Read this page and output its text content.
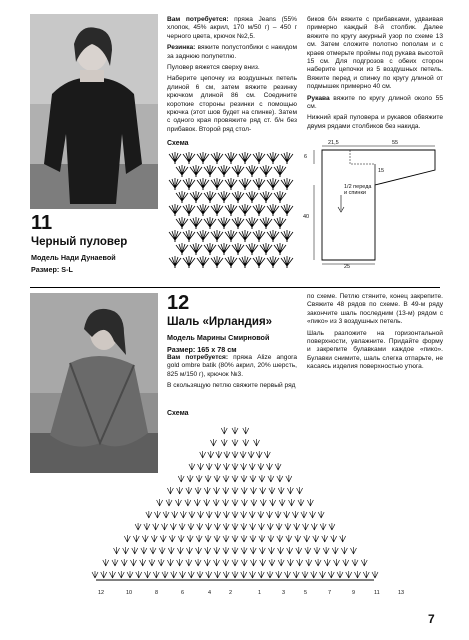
11
Черный пуловер
Модель Нади Дунаевой
Размер: S-L

Вам потребуется: пряжа Jeans (55% хлопок, 45% акрил, 170 м/50 г) – 450 г черного цвета, крючок №2,5.

Резинка: вяжите полустолбики с накидом за заднюю полупетлю.

Пуловер вяжется сверху вниз.

Наберите цепочку из воздушных петель длиной 6 см, затем вяжите резинку крючком длиной 86 см. Соедините короткие стороны резинки с помощью крючка (этот шов будет на спинке). Затем с одного края провяжите ряд ст. б/н без прибавок. Второй ряд стол-

биков б/н вяжите с прибавками, удваивая примерно каждый 8-й столбик. Далее вяжите по кругу ажурный узор по схеме 13 см. Затем сложите полотно пополам и с краев отмерьте проймы под рукава высотой 15 см. Для подгрозов с обеих сторон наберите цепочки из 5 воздушных петель. Вяжите перед и спинку по кругу длиной от подмышек примерно 40 см.

Рукава вяжите по кругу длиной около 55 см.

Нижний край пуловера и рукавов обвяжите двумя рядами столбиков без накида.

Схема	21,5	55
6
40
25
15
1/2 переда и спинки
12
Шаль «Ирландия»
Модель Марины Смирновой
Размер: 165 х 78 см

Вам потребуется: пряжа Alize angora gold ombre batik (80% акрил, 20% шерсть, 825 м/150 г), крючок №3.

В скользящую петлю свяжите первый ряд

по схеме. Петлю стяните, конец закрепите. Свяжите 48 рядов по схеме. В 49-м ряду закончите шаль последним (13-м) рядом с «пико» из 3 воздушных петель.

Шаль разложите на горизонтальной поверхности, увлажните. Придайте форму и закрепите булавками каждое «пико». Булавки снимите, шаль слегка отпарьте, не касаясь изделия поверхностью утюга.

Схема
12	10	8	6	4	2	1	3	5	7	9	11	13
7
